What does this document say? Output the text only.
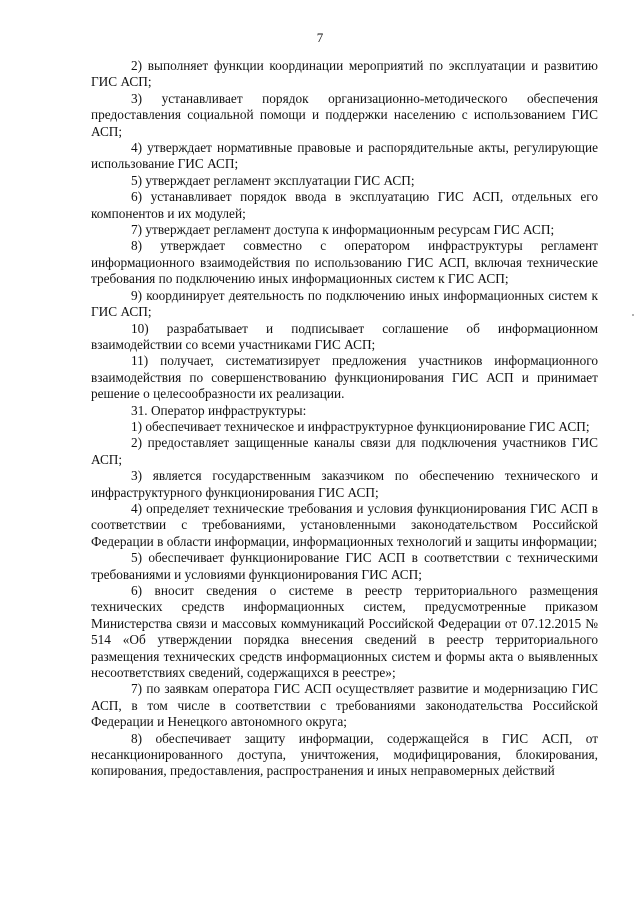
7

2) выполняет функции координации мероприятий по эксплуатации и развитию ГИС АСП;

3) устанавливает порядок организационно-методического обеспечения предоставления социальной помощи и поддержки населению с использованием ГИС АСП;

4) утверждает нормативные правовые и распорядительные акты, регулирующие использование ГИС АСП;

5) утверждает регламент эксплуатации ГИС АСП;

6) устанавливает порядок ввода в эксплуатацию ГИС АСП, отдельных его компонентов и их модулей;

7) утверждает регламент доступа к информационным ресурсам ГИС АСП;

8) утверждает совместно с оператором инфраструктуры регламент информационного взаимодействия по использованию ГИС АСП, включая технические требования по подключению иных информационных систем к ГИС АСП;

9) координирует деятельность по подключению иных информационных систем к ГИС АСП;

10) разрабатывает и подписывает соглашение об информационном взаимодействии со всеми участниками ГИС АСП;

11) получает, систематизирует предложения участников информационного взаимодействия по совершенствованию функционирования ГИС АСП и принимает решение о целесообразности их реализации.

31. Оператор инфраструктуры:

1) обеспечивает техническое и инфраструктурное функционирование ГИС АСП;

2) предоставляет защищенные каналы связи для подключения участников ГИС АСП;

3) является государственным заказчиком по обеспечению технического и инфраструктурного функционирования ГИС АСП;

4) определяет технические требования и условия функционирования ГИС АСП в соответствии с требованиями, установленными законодательством Российской Федерации в области информации, информационных технологий и защиты информации;

5) обеспечивает функционирование ГИС АСП в соответствии с техническими требованиями и условиями функционирования ГИС АСП;

6) вносит сведения о системе в реестр территориального размещения технических средств информационных систем, предусмотренные приказом Министерства связи и массовых коммуникаций Российской Федерации от 07.12.2015 № 514 «Об утверждении порядка внесения сведений в реестр территориального размещения технических средств информационных систем и формы акта о выявленных несоответствиях сведений, содержащихся в реестре»;

7) по заявкам оператора ГИС АСП осуществляет развитие и модернизацию ГИС АСП, в том числе в соответствии с требованиями законодательства Российской Федерации и Ненецкого автономного округа;

8) обеспечивает защиту информации, содержащейся в ГИС АСП, от несанкционированного доступа, уничтожения, модифицирования, блокирования, копирования, предоставления, распространения и иных неправомерных действий
